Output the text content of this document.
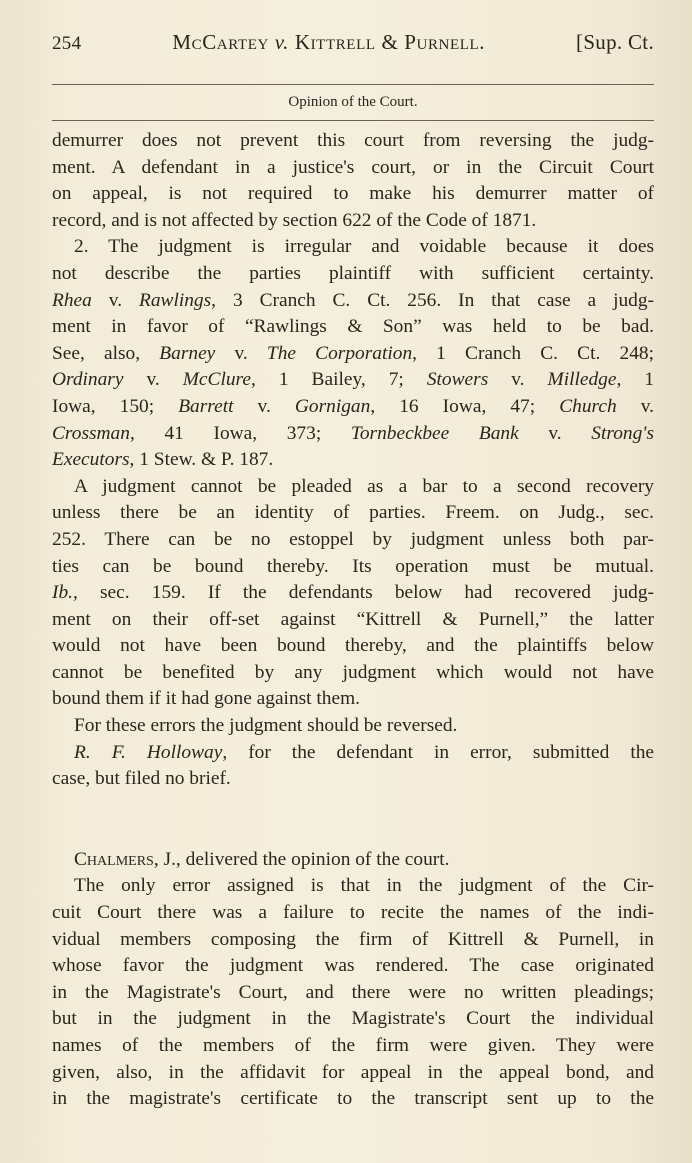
254	McCartey v. Kittrell & Purnell.	[Sup. Ct.
Opinion of the Court.
demurrer does not prevent this court from reversing the judg-
ment. A defendant in a justice's court, or in the Circuit Court
on appeal, is not required to make his demurrer matter of
record, and is not affected by section 622 of the Code of 1871.
2. The judgment is irregular and voidable because it does
not describe the parties plaintiff with sufficient certainty.
Rhea v. Rawlings, 3 Cranch C. Ct. 256. In that case a judg-
ment in favor of “Rawlings & Son” was held to be bad.
See, also, Barney v. The Corporation, 1 Cranch C. Ct. 248;
Ordinary v. McClure, 1 Bailey, 7; Stowers v. Milledge, 1
Iowa, 150; Barrett v. Gornigan, 16 Iowa, 47; Church v.
Crossman, 41 Iowa, 373; Tornbeckbee Bank v. Strong's
Executors, 1 Stew. & P. 187.
A judgment cannot be pleaded as a bar to a second recovery
unless there be an identity of parties. Freem. on Judg., sec.
252. There can be no estoppel by judgment unless both par-
ties can be bound thereby. Its operation must be mutual.
Ib., sec. 159. If the defendants below had recovered judg-
ment on their off-set against “Kittrell & Purnell,” the latter
would not have been bound thereby, and the plaintiffs below
cannot be benefited by any judgment which would not have
bound them if it had gone against them.
For these errors the judgment should be reversed.
R. F. Holloway, for the defendant in error, submitted the
case, but filed no brief.
Chalmers, J., delivered the opinion of the court.
The only error assigned is that in the judgment of the Cir-
cuit Court there was a failure to recite the names of the indi-
vidual members composing the firm of Kittrell & Purnell, in
whose favor the judgment was rendered. The case originated
in the Magistrate's Court, and there were no written pleadings;
but in the judgment in the Magistrate's Court the individual
names of the members of the firm were given. They were
given, also, in the affidavit for appeal in the appeal bond, and
in the magistrate's certificate to the transcript sent up to the
